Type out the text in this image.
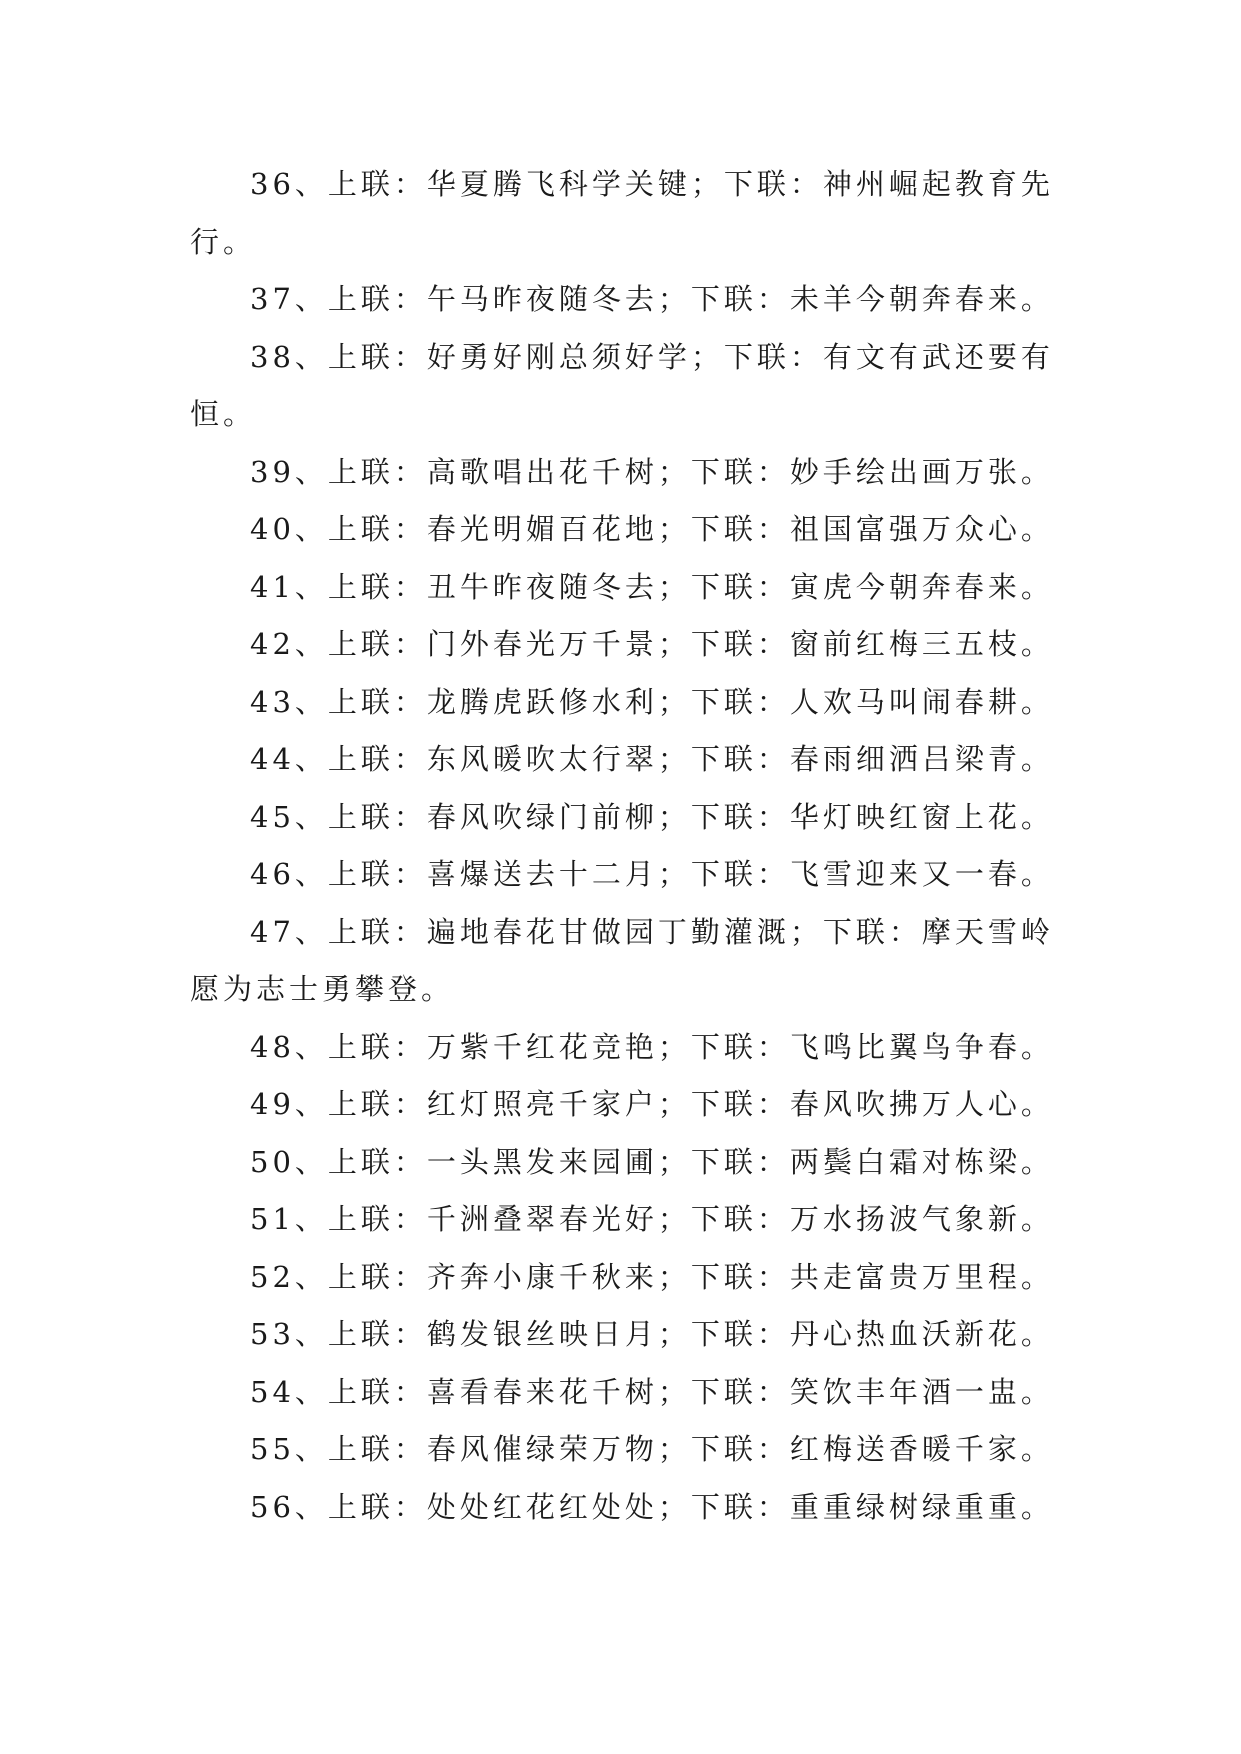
36、上联：华夏腾飞科学关键；下联：神州崛起教育先行。

37、上联：午马昨夜随冬去；下联：未羊今朝奔春来。

38、上联：好勇好刚总须好学；下联：有文有武还要有恒。

39、上联：高歌唱出花千树；下联：妙手绘出画万张。

40、上联：春光明媚百花地；下联：祖国富强万众心。

41、上联：丑牛昨夜随冬去；下联：寅虎今朝奔春来。

42、上联：门外春光万千景；下联：窗前红梅三五枝。

43、上联：龙腾虎跃修水利；下联：人欢马叫闹春耕。

44、上联：东风暖吹太行翠；下联：春雨细洒吕梁青。

45、上联：春风吹绿门前柳；下联：华灯映红窗上花。

46、上联：喜爆送去十二月；下联：飞雪迎来又一春。

47、上联：遍地春花甘做园丁勤灌溉；下联：摩天雪岭愿为志士勇攀登。

48、上联：万紫千红花竞艳；下联：飞鸣比翼鸟争春。

49、上联：红灯照亮千家户；下联：春风吹拂万人心。

50、上联：一头黑发来园圃；下联：两鬓白霜对栋梁。

51、上联：千洲叠翠春光好；下联：万水扬波气象新。

52、上联：齐奔小康千秋来；下联：共走富贵万里程。

53、上联：鹤发银丝映日月；下联：丹心热血沃新花。

54、上联：喜看春来花千树；下联：笑饮丰年酒一盅。

55、上联：春风催绿荣万物；下联：红梅送香暖千家。

56、上联：处处红花红处处；下联：重重绿树绿重重。
